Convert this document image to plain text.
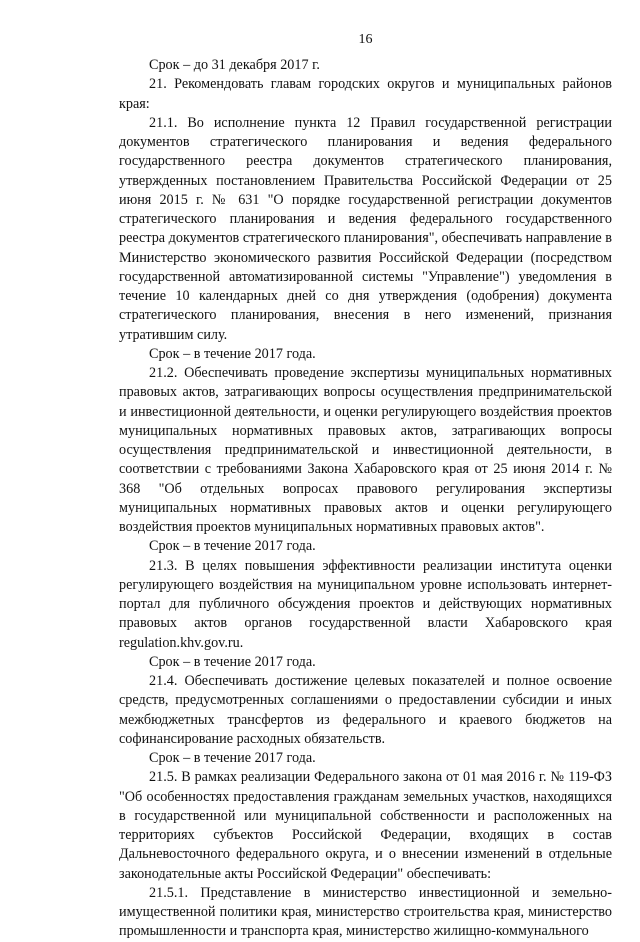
16

Срок – до 31 декабря 2017 г.

21. Рекомендовать главам городских округов и муниципальных районов края:

21.1. Во исполнение пункта 12 Правил государственной регистрации документов стратегического планирования и ведения федерального государственного реестра документов стратегического планирования, утвержденных постановлением Правительства Российской Федерации от 25 июня 2015 г. № 631 "О порядке государственной регистрации документов стратегического планирования и ведения федерального государственного реестра документов стратегического планирования", обеспечивать направление в Министерство экономического развития Российской Федерации (посредством государственной автоматизированной системы "Управление") уведомления в течение 10 календарных дней со дня утверждения (одобрения) документа стратегического планирования, внесения в него изменений, признания утратившим силу.

Срок – в течение 2017 года.

21.2. Обеспечивать проведение экспертизы муниципальных нормативных правовых актов, затрагивающих вопросы осуществления предпринимательской и инвестиционной деятельности, и оценки регулирующего воздействия проектов муниципальных нормативных правовых актов, затрагивающих вопросы осуществления предпринимательской и инвестиционной деятельности, в соответствии с требованиями Закона Хабаровского края от 25 июня 2014 г. № 368 "Об отдельных вопросах правового регулирования экспертизы муниципальных нормативных правовых актов и оценки регулирующего воздействия проектов муниципальных нормативных правовых актов".

Срок – в течение 2017 года.

21.3. В целях повышения эффективности реализации института оценки регулирующего воздействия на муниципальном уровне использовать интернет-портал для публичного обсуждения проектов и действующих нормативных правовых актов органов государственной власти Хабаровского края regulation.khv.gov.ru.

Срок – в течение 2017 года.

21.4. Обеспечивать достижение целевых показателей и полное освоение средств, предусмотренных соглашениями о предоставлении субсидии и иных межбюджетных трансфертов из федерального и краевого бюджетов на софинансирование расходных обязательств.

Срок – в течение 2017 года.

21.5. В рамках реализации Федерального закона от 01 мая 2016 г. № 119-ФЗ "Об особенностях предоставления гражданам земельных участков, находящихся в государственной или муниципальной собственности и расположенных на территориях субъектов Российской Федерации, входящих в состав Дальневосточного федерального округа, и о внесении изменений в отдельные законодательные акты Российской Федерации" обеспечивать:

21.5.1. Представление в министерство инвестиционной и земельно-имущественной политики края, министерство строительства края, министерство промышленности и транспорта края, министерство жилищно-коммунального
